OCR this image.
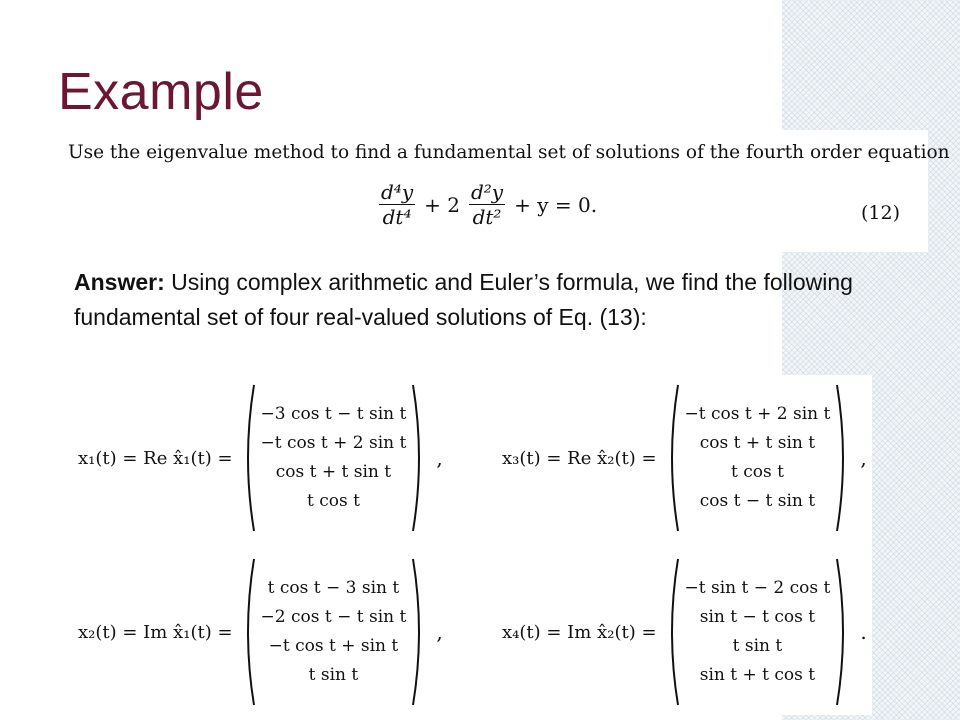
Example
Use the eigenvalue method to find a fundamental set of solutions of the fourth order equation
$\frac{\text{d⁴y}}{\text{dt⁴}} + 2 \frac{\text{d²y}}{\text{dt²}} + y = 0$.	(12)
Answer: Using complex arithmetic and Euler’s formula, we find the following fundamental set of four real-valued solutions of Eq. (13):
x₁(t) = Re x̂₁(t) =
−3 cos t − t sin t
−t cos t + 2 sin t
cos t + t sin t
t cos t
,	x₃(t) = Re x̂₂(t) =
−t cos t + 2 sin t
cos t + t sin t
t cos t
cos t − t sin t
,
x₂(t) = Im x̂₁(t) =
t cos t − 3 sin t
−2 cos t − t sin t
−t cos t + sin t
t sin t
,	x₄(t) = Im x̂₂(t) =
−t sin t − 2 cos t
sin t − t cos t
t sin t
sin t + t cos t
.
